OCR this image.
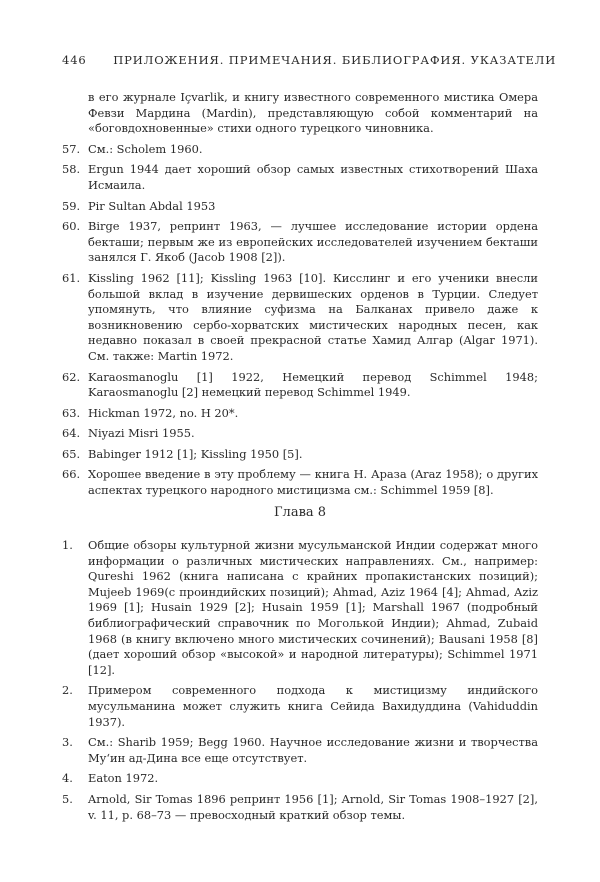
446 ПРИЛОЖЕНИЯ. ПРИМЕЧАНИЯ. БИБЛИОГРАФИЯ. УКАЗАТЕЛИ
в его журнале Içvarlik, и книгу известного современного мистика Омера Февзи Мардина (Mardin), представляющую собой комментарий на «боговдохновенные» стихи одного турецкого чиновника.
57. См.: Scholem 1960.
58. Ergun 1944 дает хороший обзор самых известных стихотворений Шаха Исмаила.
59. Pir Sultan Abdal 1953
60. Birge 1937, репринт 1963, — лучшее исследование истории ордена бекташи; первым же из европейских исследователей изучением бекташи занялся Г. Якоб (Jacob 1908 [2]).
61. Kissling 1962 [11]; Kissling 1963 [10]. Кисслинг и его ученики внесли большой вклад в изучение дервишеских орденов в Турции. Следует упомянуть, что влияние суфизма на Балканах привело даже к возникновению сербо-хорватских мистических народных песен, как недавно показал в своей прекрасной статье Хамид Алгар (Algar 1971). См. также: Martin 1972.
62. Karaosmanoglu [1] 1922, Немецкий перевод Schimmel 1948; Karaosmanoglu [2] немецкий перевод Schimmel 1949.
63. Hickman 1972, no. H 20*.
64. Niyazi Misri 1955.
65. Babinger 1912 [1]; Kissling 1950 [5].
66. Хорошее введение в эту проблему — книга Н. Араза (Araz 1958); о других аспектах турецкого народного мистицизма см.: Schimmel 1959 [8].
Глава 8
1.	Общие обзоры культурной жизни мусульманской Индии содержат много информации о различных мистических направлениях. См., например: Qureshi 1962 (книга написана с крайних пропакистанских позиций); Mujeeb 1969(с проиндийских позиций); Ahmad, Aziz 1964 [4]; Ahmad, Aziz 1969 [1]; Husain 1929 [2]; Husain 1959 [1]; Marshall 1967 (подробный библиографический справочник по Моголькой Индии); Ahmad, Zubaid 1968 (в книгу включено много мистических сочинений); Bausani 1958 [8] (дает хороший обзор «высокой» и народной литературы); Schimmel 1971 [12].
2.	Примером современного подхода к мистицизму индийского мусульманина может служить книга Сейида Вахидуддина (Vahiduddin 1937).
3.	См.: Sharib 1959; Begg 1960. Научное исследование жизни и творчества Му‘ин ад-Дина все еще отсутствует.
4.	Eaton 1972.
5.	Arnold, Sir Tomas 1896 репринт 1956 [1]; Arnold, Sir Tomas 1908–1927 [2], v. 11, p. 68–73 — превосходный краткий обзор темы.
